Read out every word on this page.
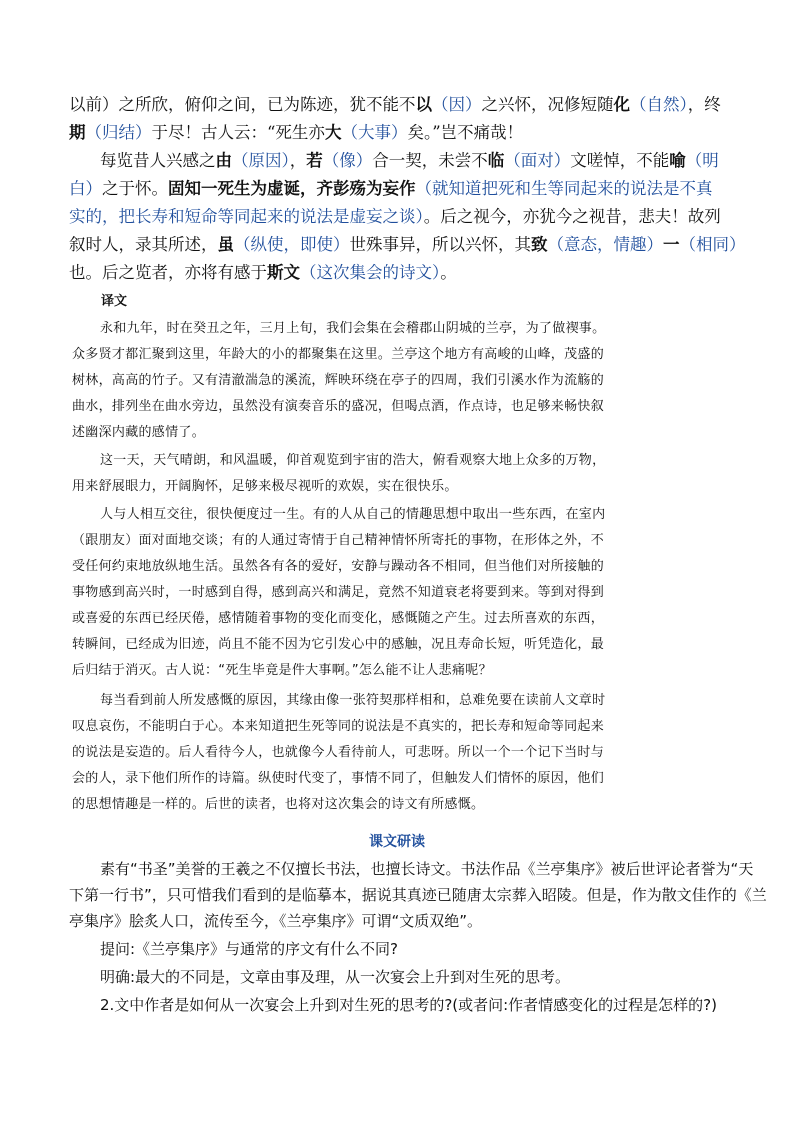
以前）之所欣，俯仰之间，已为陈迹，犹不能不以（因）之兴怀，况修短随化（自然），终
期（归结）于尽！古人云：“死生亦大（大事）矣。”岂不痛哉！
每览昔人兴感之由（原因），若（像）合一契，未尝不临（面对）文嗟悼，不能喻（明
白）之于怀。固知一死生为虚诞，齐彭殇为妄作（就知道把死和生等同起来的说法是不真
实的，把长寿和短命等同起来的说法是虚妄之谈）。后之视今，亦犹今之视昔，悲夫！故列
叙时人，录其所述，虽（纵使，即使）世殊事异，所以兴怀，其致（意态，情趣）一（相同）
也。后之览者，亦将有感于斯文（这次集会的诗文）。
译文
永和九年，时在癸丑之年，三月上旬，我们会集在会稽郡山阴城的兰亭，为了做禊事。
众多贤才都汇聚到这里，年龄大的小的都聚集在这里。兰亭这个地方有高峻的山峰，茂盛的
树林，高高的竹子。又有清澈湍急的溪流，辉映环绕在亭子的四周，我们引溪水作为流觞的
曲水，排列坐在曲水旁边，虽然没有演奏音乐的盛况，但喝点酒，作点诗，也足够来畅快叙
述幽深内藏的感情了。
这一天，天气晴朗，和风温暖，仰首观览到宇宙的浩大，俯看观察大地上众多的万物，
用来舒展眼力，开阔胸怀，足够来极尽视听的欢娱，实在很快乐。
人与人相互交往，很快便度过一生。有的人从自己的情趣思想中取出一些东西，在室内
（跟朋友）面对面地交谈；有的人通过寄情于自己精神情怀所寄托的事物，在形体之外，不
受任何约束地放纵地生活。虽然各有各的爱好，安静与躁动各不相同，但当他们对所接触的
事物感到高兴时，一时感到自得，感到高兴和满足，竟然不知道衰老将要到来。等到对得到
或喜爱的东西已经厌倦，感情随着事物的变化而变化，感慨随之产生。过去所喜欢的东西，
转瞬间，已经成为旧迹，尚且不能不因为它引发心中的感触，况且寿命长短，听凭造化，最
后归结于消灭。古人说：“死生毕竟是件大事啊。”怎么能不让人悲痛呢？
每当看到前人所发感慨的原因，其缘由像一张符契那样相和，总难免要在读前人文章时
叹息哀伤，不能明白于心。本来知道把生死等同的说法是不真实的，把长寿和短命等同起来
的说法是妄造的。后人看待今人，也就像今人看待前人，可悲呀。所以一个一个记下当时与
会的人，录下他们所作的诗篇。纵使时代变了，事情不同了，但触发人们情怀的原因，他们
的思想情趣是一样的。后世的读者，也将对这次集会的诗文有所感慨。
课文研读
素有“书圣”美誉的王羲之不仅擅长书法，也擅长诗文。书法作品《兰亭集序》被后世评论者誉为“天
下第一行书”，只可惜我们看到的是临摹本，据说其真迹已随唐太宗葬入昭陵。但是，作为散文佳作的《兰
亭集序》脍炙人口，流传至今，《兰亭集序》可谓“文质双绝”。
提问:《兰亭集序》与通常的序文有什么不同?
明确:最大的不同是，文章由事及理，从一次宴会上升到对生死的思考。
2.文中作者是如何从一次宴会上升到对生死的思考的?(或者问:作者情感变化的过程是怎样的?)
